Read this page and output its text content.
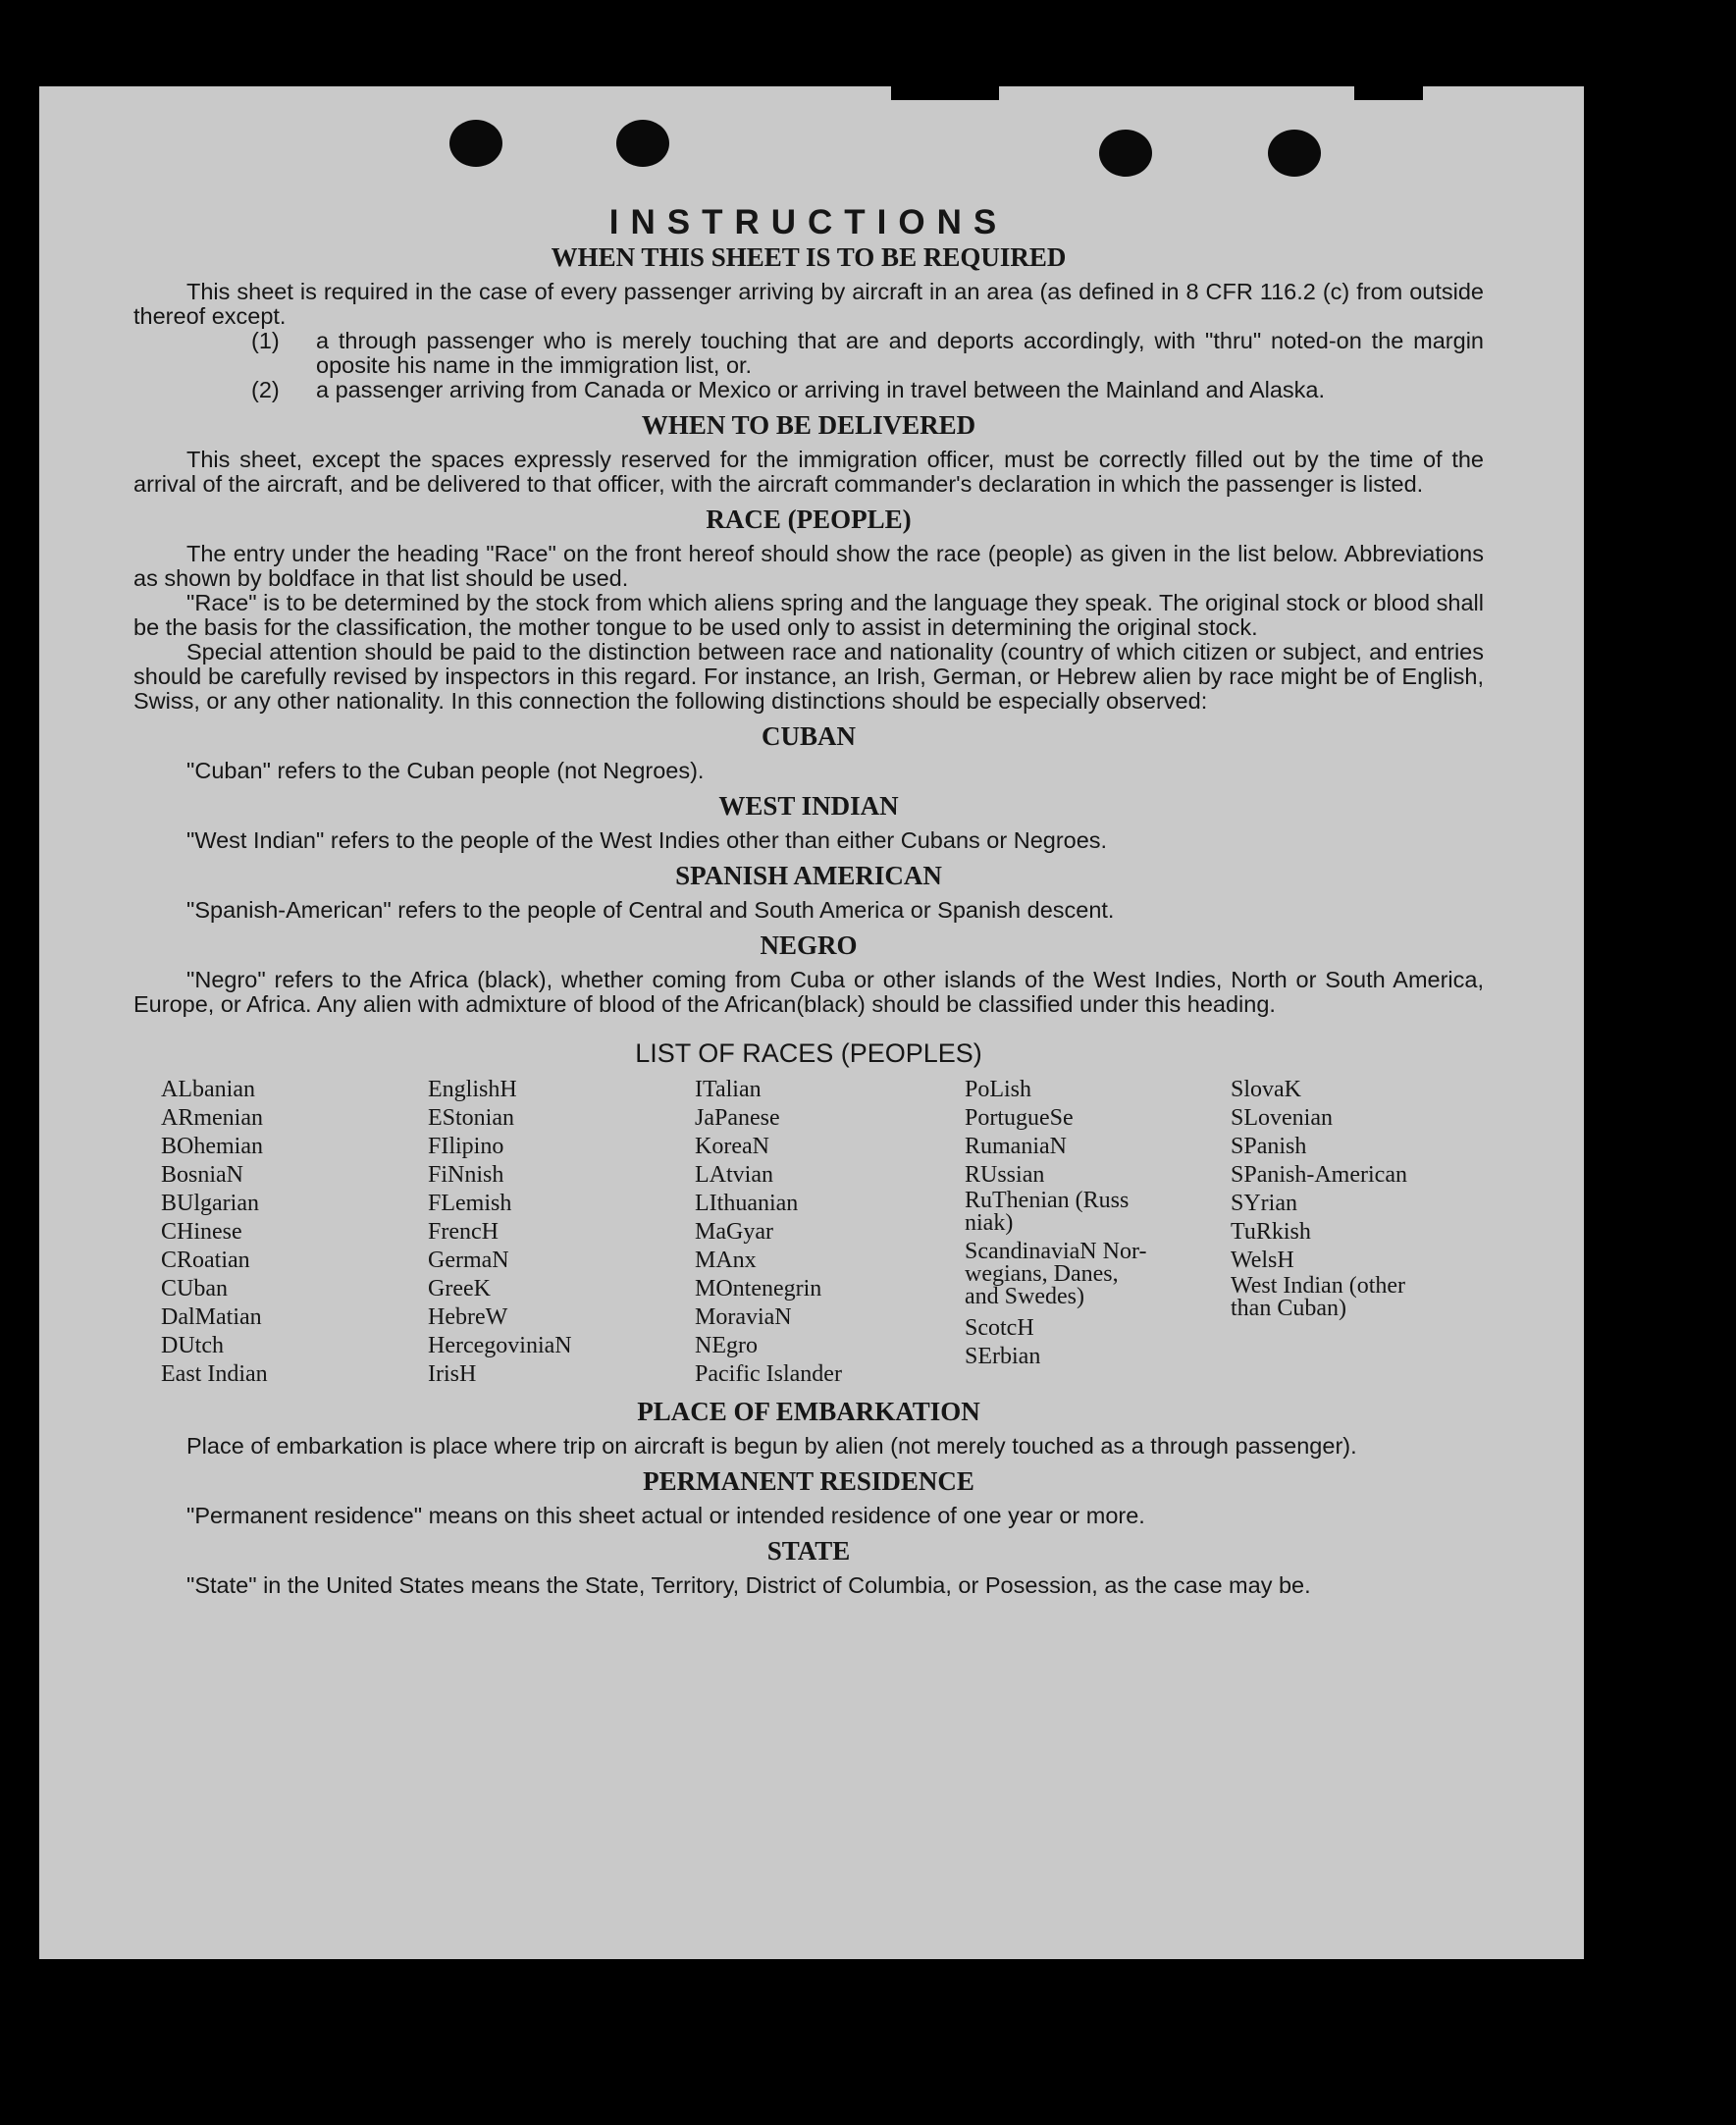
INSTRUCTIONS
WHEN THIS SHEET IS TO BE REQUIRED

This sheet is required in the case of every passenger arriving by aircraft in an area (as defined in 8 CFR 116.2 (c) from outside thereof except.

(1)	a through passenger who is merely touching that are and deports accordingly, with "thru" noted-on the margin oposite his name in the immigration list, or.
(2)	a passenger arriving from Canada or Mexico or arriving in travel between the Mainland and Alaska.
WHEN TO BE DELIVERED

This sheet, except the spaces expressly reserved for the immigration officer, must be correctly filled out by the time of the arrival of the aircraft, and be delivered to that officer, with the aircraft commander's declaration in which the passenger is listed.

RACE (PEOPLE)

The entry under the heading "Race" on the front hereof should show the race (people) as given in the list below. Abbreviations as shown by boldface in that list should be used.

"Race" is to be determined by the stock from which aliens spring and the language they speak. The original stock or blood shall be the basis for the classification, the mother tongue to be used only to assist in determining the original stock.

Special attention should be paid to the distinction between race and nationality (country of which citizen or subject, and entries should be carefully revised by inspectors in this regard. For instance, an Irish, German, or Hebrew alien by race might be of English, Swiss, or any other nationality. In this connection the following distinctions should be especially observed:

CUBAN

"Cuban" refers to the Cuban people (not Negroes).

WEST INDIAN

"West Indian" refers to the people of the West Indies other than either Cubans or Negroes.

SPANISH AMERICAN

"Spanish-American" refers to the people of Central and South America or Spanish descent.

NEGRO

"Negro" refers to the Africa (black), whether coming from Cuba or other islands of the West Indies, North or South America, Europe, or Africa. Any alien with admixture of blood of the African(black) should be classified under this heading.

LIST OF RACES (PEOPLES)
ALbanian
ARmenian
BOhemian
BosniaN
BUlgarian
CHinese
CRoatian
CUban
DalMatian
DUtch
East Indian
EnglishH
EStonian
FIlipino
FiNnish
FLemish
FrencH
GermaN
GreeK
HebreW
HercegoviniaN
IrisH
ITalian
JaPanese
KoreaN
LAtvian
LIthuanian
MaGyar
MAnx
MOntenegrin
MoraviaN
NEgro
Pacific Islander
PoLish
PortugueSe
RumaniaN
RUssian
RuThenian (Russ
niak)
ScandinaviaN Nor-
wegians, Danes,
and Swedes)
ScotcH
SErbian
SlovaK
SLovenian
SPanish
SPanish-American
SYrian
TuRkish
WelsH
West Indian (other
than Cuban)
PLACE OF EMBARKATION

Place of embarkation is place where trip on aircraft is begun by alien (not merely touched as a through passenger).

PERMANENT RESIDENCE

"Permanent residence" means on this sheet actual or intended residence of one year or more.

STATE

"State" in the United States means the State, Territory, District of Columbia, or Posession, as the case may be.
